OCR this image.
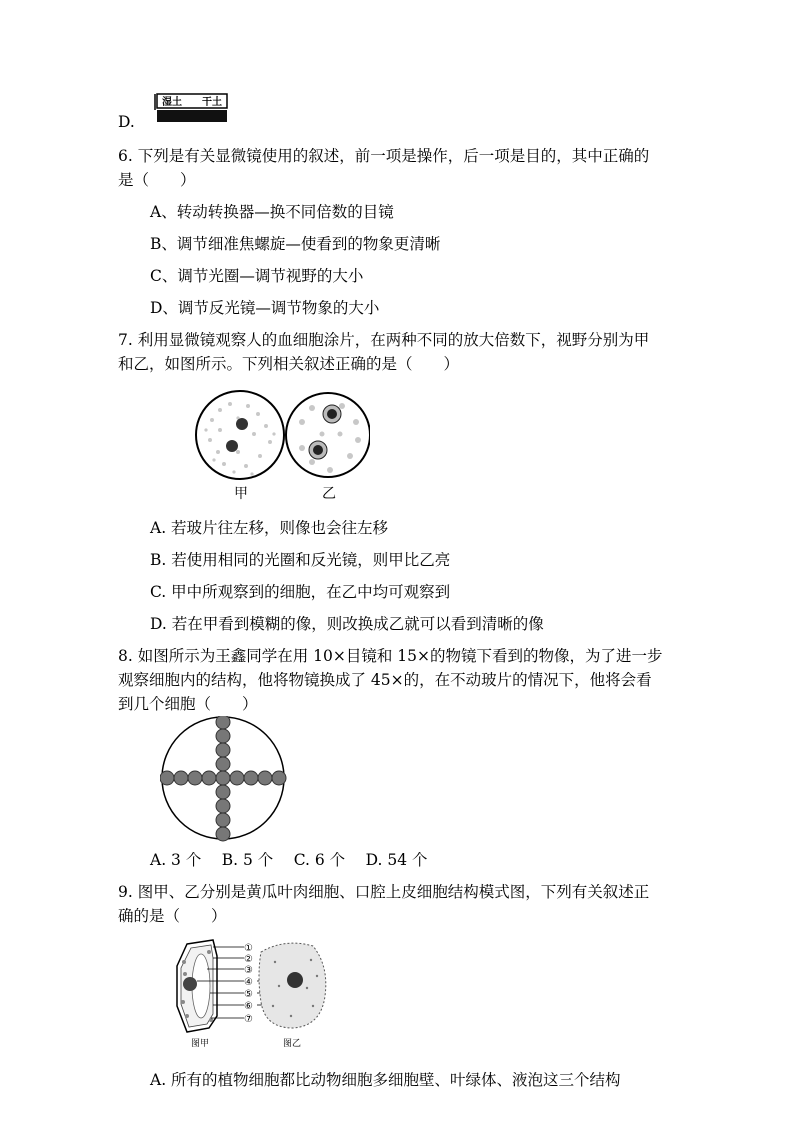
D.
湿土 干土
6. 下列是有关显微镜使用的叙述，前一项是操作，后一项是目的，其中正确的
是（　　）
A、转动转换器—换不同倍数的目镜
B、调节细准焦螺旋—使看到的物象更清晰
C、调节光圈—调节视野的大小
D、调节反光镜—调节物象的大小
7. 利用显微镜观察人的血细胞涂片，在两种不同的放大倍数下，视野分别为甲
和乙，如图所示。下列相关叙述正确的是（　　）
甲	乙
A. 若玻片往左移，则像也会往左移
B. 若使用相同的光圈和反光镜，则甲比乙亮
C. 甲中所观察到的细胞，在乙中均可观察到
D. 若在甲看到模糊的像，则改换成乙就可以看到清晰的像
8. 如图所示为王鑫同学在用 10×目镜和 15×的物镜下看到的物像，为了进一步
观察细胞内的结构，他将物镜换成了 45×的，在不动玻片的情况下，他将会看
到几个细胞（　　）
A. 3 个　 B. 5 个　 C. 6 个　 D. 54 个
9. 图甲、乙分别是黄瓜叶肉细胞、口腔上皮细胞结构模式图，下列有关叙述正
确的是（　　）
①
②
③
④
⑤
⑥
⑦
图甲	图乙
A. 所有的植物细胞都比动物细胞多细胞壁、叶绿体、液泡这三个结构
